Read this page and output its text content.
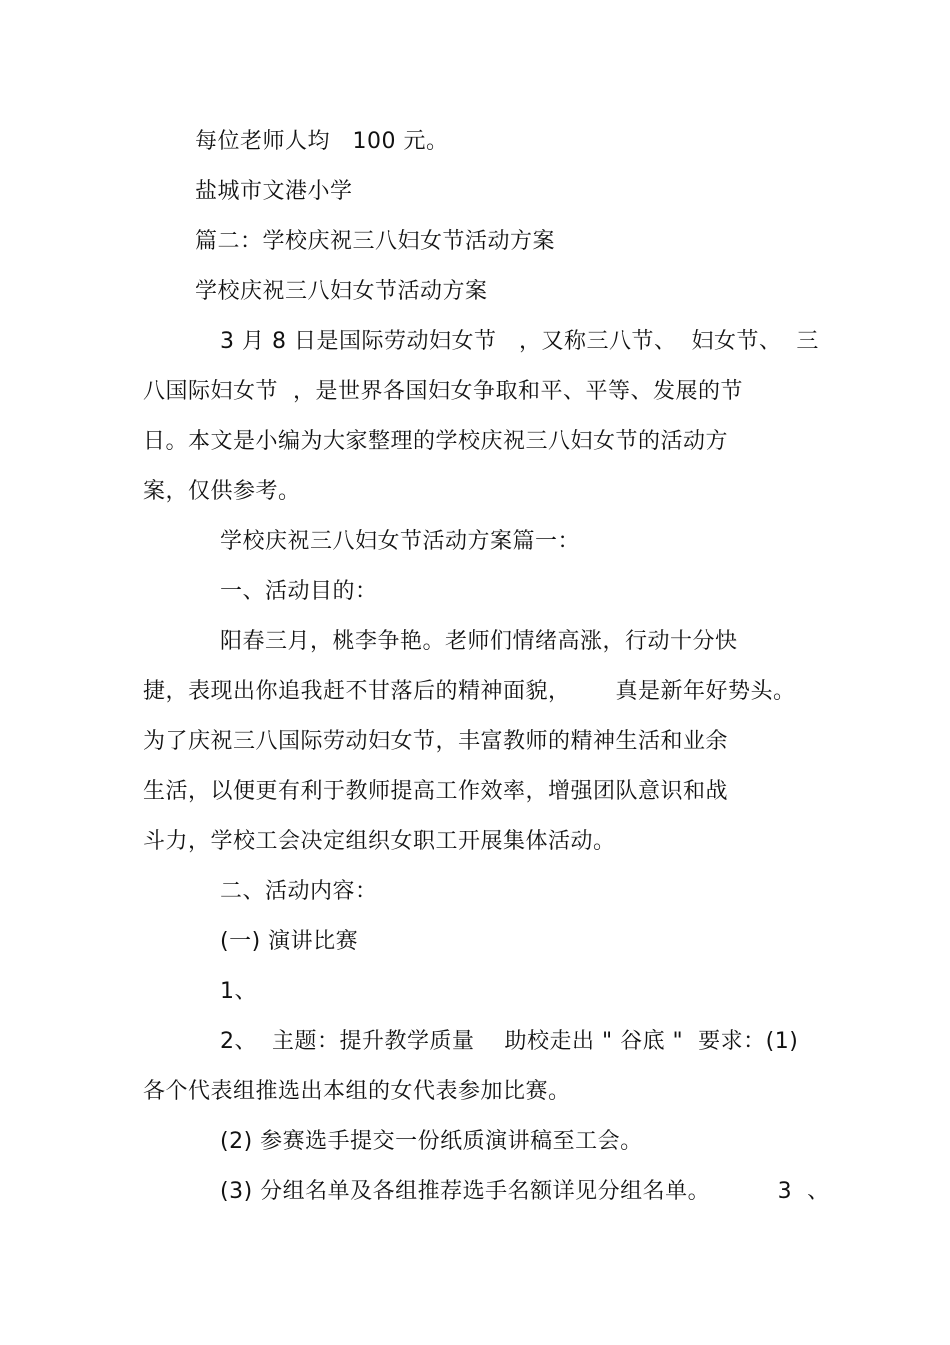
每位老师人均   100 元。
盐城市文港小学
篇二：学校庆祝三八妇女节活动方案
学校庆祝三八妇女节活动方案
3 月 8 日是国际劳动妇女节   ，又称三八节、  妇女节、  三
八国际妇女节  ，是世界各国妇女争取和平、平等、发展的节
日。本文是小编为大家整理的学校庆祝三八妇女节的活动方
案，仅供参考。
学校庆祝三八妇女节活动方案篇一：
一、活动目的：
阳春三月，桃李争艳。老师们情绪高涨，行动十分快
捷，表现出你追我赶不甘落后的精神面貌，      真是新年好势头。
为了庆祝三八国际劳动妇女节，丰富教师的精神生活和业余
生活，以便更有利于教师提高工作效率，增强团队意识和战
斗力，学校工会决定组织女职工开展集体活动。
二、活动内容：
(一) 演讲比赛
1、
2、  主题：提升教学质量    助校走出 " 谷底 "  要求：(1)
各个代表组推选出本组的女代表参加比赛。
(2) 参赛选手提交一份纸质演讲稿至工会。
(3) 分组名单及各组推荐选手名额详见分组名单。         3  、
